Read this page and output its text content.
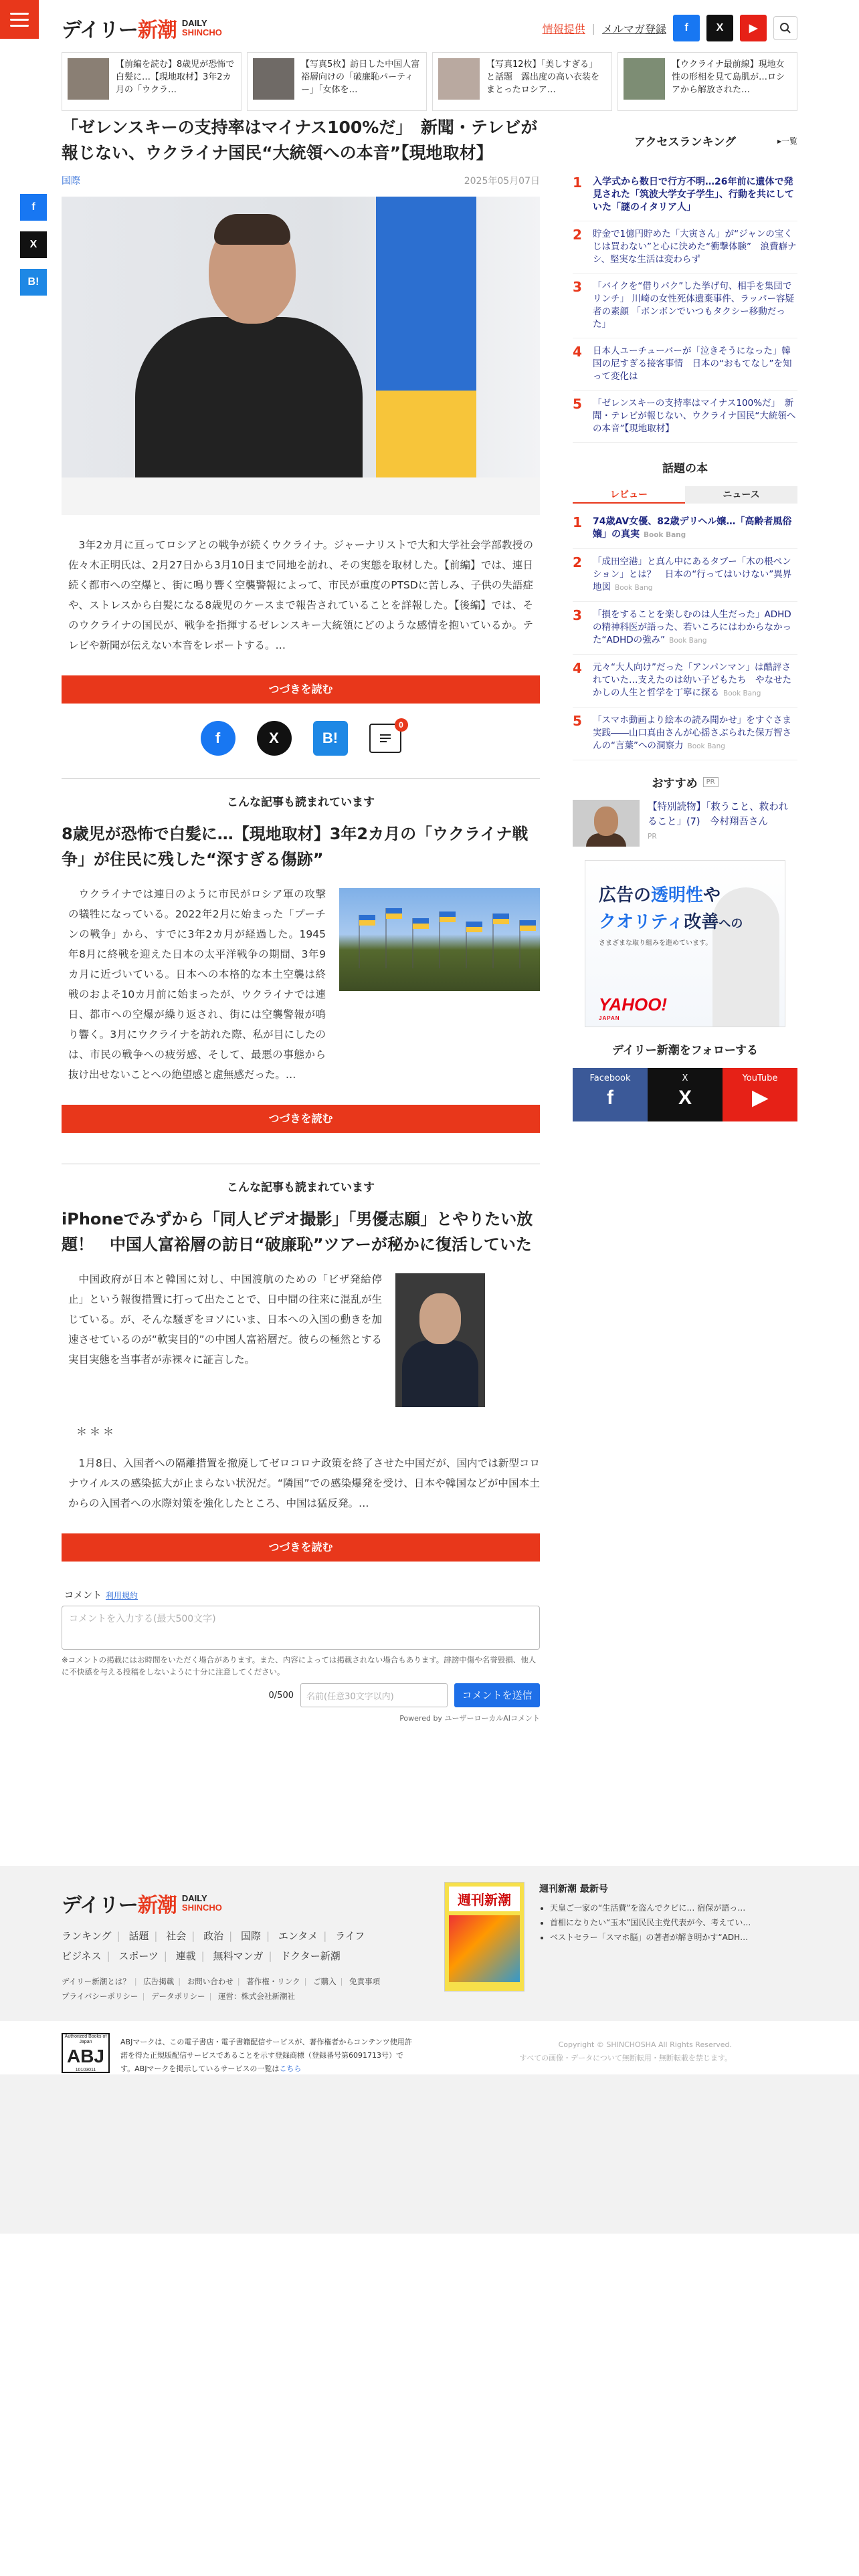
デイリー新潮 DAILY
SHINCHO	情報提供 | メルマガ登録	f	X	▶
【前編を読む】8歳児が恐怖で白髪に…【現地取材】3年2カ月の「ウクラ…
【写真5枚】訪日した中国人富裕層向けの「破廉恥パーティー」「女体を…
【写真12枚】「美しすぎる」と話題　露出度の高い衣装をまとったロシア…
【ウクライナ最前線】現地女性の形相を見て島肌が…ロシアから解放された…
f
X
B!
「ゼレンスキーの支持率はマイナス100%だ」　新聞・テレビが報じない、ウクライナ国民“大統領への本音”【現地取材】
国際	2025年05月07日

3年2カ月に亘ってロシアとの戦争が続くウクライナ。ジャーナリストで大和大学社会学部教授の佐々木正明氏は、2月27日から3月10日まで同地を訪れ、その実態を取材した。【前編】では、連日続く都市への空爆と、街に鳴り響く空襲警報によって、市民が重度のPTSDに苦しみ、子供の失語症や、ストレスから白髪になる8歳児のケースまで報告されていることを詳報した。【後編】では、そのウクライナの国民が、戦争を指揮するゼレンスキー大統領にどのような感情を抱いているか。テレビや新聞が伝えない本音をレポートする。…

つづきを読む
f	X	B!
0
こんな記事も読まれています
8歳児が恐怖で白髪に…【現地取材】3年2カ月の「ウクライナ戦争」が住民に残した“深すぎる傷跡”

ウクライナでは連日のように市民がロシア軍の攻撃の犠牲になっている。2022年2月に始まった「プーチンの戦争」から、すでに3年2カ月が経過した。1945年8月に終戦を迎えた日本の太平洋戦争の期間、3年9カ月に近づいている。日本への本格的な本土空襲は終戦のおよそ10カ月前に始まったが、ウクライナでは連日、都市への空爆が繰り返され、街には空襲警報が鳴り響く。3月にウクライナを訪れた際、私が目にしたのは、市民の戦争への疲労感、そして、最悪の事態から抜け出せないことへの絶望感と虚無感だった。…

つづきを読む
こんな記事も読まれています
iPhoneでみずから「同人ビデオ撮影」「男優志願」とやりたい放題！　中国人富裕層の訪日“破廉恥”ツアーが秘かに復活していた

中国政府が日本と韓国に対し、中国渡航のための「ビザ発給停止」という報復措置に打って出たことで、日中間の往来に混乱が生じている。が、そんな騒ぎをヨソにいま、日本への入国の動きを加速させているのが“軟実目的”の中国人富裕層だ。彼らの極然とする実目実態を当事者が赤裸々に証言した。

＊＊＊

1月8日、入国者への隔離措置を撤廃してゼロコロナ政策を終了させた中国だが、国内では新型コロナウイルスの感染拡大が止まらない状況だ。“隣国”での感染爆発を受け、日本や韓国などが中国本土からの入国者への水際対策を強化したところ、中国は猛反発。…

つづきを読む
コメント 利用規約
コメントを入力する(最大500文字)

※コメントの掲載にはお時間をいただく場合があります。また、内容によっては掲載されない場合もあります。誹謗中傷や名誉毀損、他人に不快感を与える投稿をしないように十分に注意してください。

0/500	名前(任意30文字以内)	コメントを送信
Powered by ユーザーローカルAIコメント
アクセスランキング	▸一覧
1 入学式から数日で行方不明…26年前に遺体で発見された「筑波大学女子学生」、行動を共にしていた「謎のイタリア人」
2	貯金で1億円貯めた「大寅さん」が“ジャンの宝くじは買わない”と心に決めた“衝撃体験”　浪費癖ナシ、堅実な生活は変わらず
3	「バイクを“借りパク”した挙げ句、相手を集団でリンチ」 川崎の女性死体遺棄事件、ラッパー容疑者の素顔 「ボンボンでいつもタクシー移動だった」
4	日本人ユーチューバーが「泣きそうになった」韓国の尼すぎる接客事情　日本の“おもてなし”を知って変化は
5	「ゼレンスキーの支持率はマイナス100%だ」　新聞・テレビが報じない、ウクライナ国民“大統領への本音”【現地取材】
話題の本
レビュー	ニュース
1 74歳AV女優、82歳デリヘル嬢…「高齢者風俗嬢」の真実 Book Bang
2	「成田空港」と真ん中にあるタブー「木の根ペンション」とは？　日本の“行ってはいけない”異界地図 Book Bang
3	「損をすることを楽しむのは人生だった」ADHDの精神科医が語った、若いころにはわからなかった“ADHDの強み” Book Bang
4	元々“大人向け”だった「アンパンマン」は酷評されていた…支えたのは幼い子どもたち　やなせたかしの人生と哲学を丁寧に探る Book Bang
5	「スマホ動画より絵本の読み聞かせ」をすぐさま実践――山口真由さんが心揺さぶられた保万智さんの“言葉”への洞察力 Book Bang
おすすめ	PR
【特別読物】「救うこと、救われること」(7)　今村翔吾さん
PR
広告の透明性や
クオリティ改善への
さまざまな取り組みを進めています。
YAHOO!
JAPAN
デイリー新潮をフォローする
Facebook
f
X
X
YouTube
▶
デイリー新潮 DAILY
SHINCHO
ランキング | 話題 | 社会 | 政治 | 国際 | エンタメ | ライフ
ビジネス | スポーツ | 連載 | 無料マンガ | ドクター新潮
デイリー新潮とは？ | 広告掲載 | お問い合わせ | 著作権・リンク | ご購入 | 免責事項
プライバシーポリシー | データポリシー | 運営：株式会社新潮社
週刊新潮
週刊新潮 最新号
• 天皇ご一家の“生活費”を盗んでクビに… 宿保が語っ…
• 首相になりたい“玉木”国民民主党代表が今、考えてい…
• ベストセラー「スマホ脳」の著者が解き明かす“ADH…
Authorized Books of Japan
ABJ
10103011

ABJマークは、この電子書店・電子書籍配信サービスが、著作権者からコンテンツ使用許諾を得た正規版配信サービスであることを示す登録商標（登録番号第6091713号）です。ABJマークを掲示しているサービスの一覧はこちら

Copyright © SHINCHOSHA All Rights Reserved.
すべての画像・データについて無断転用・無断転載を禁じます。
